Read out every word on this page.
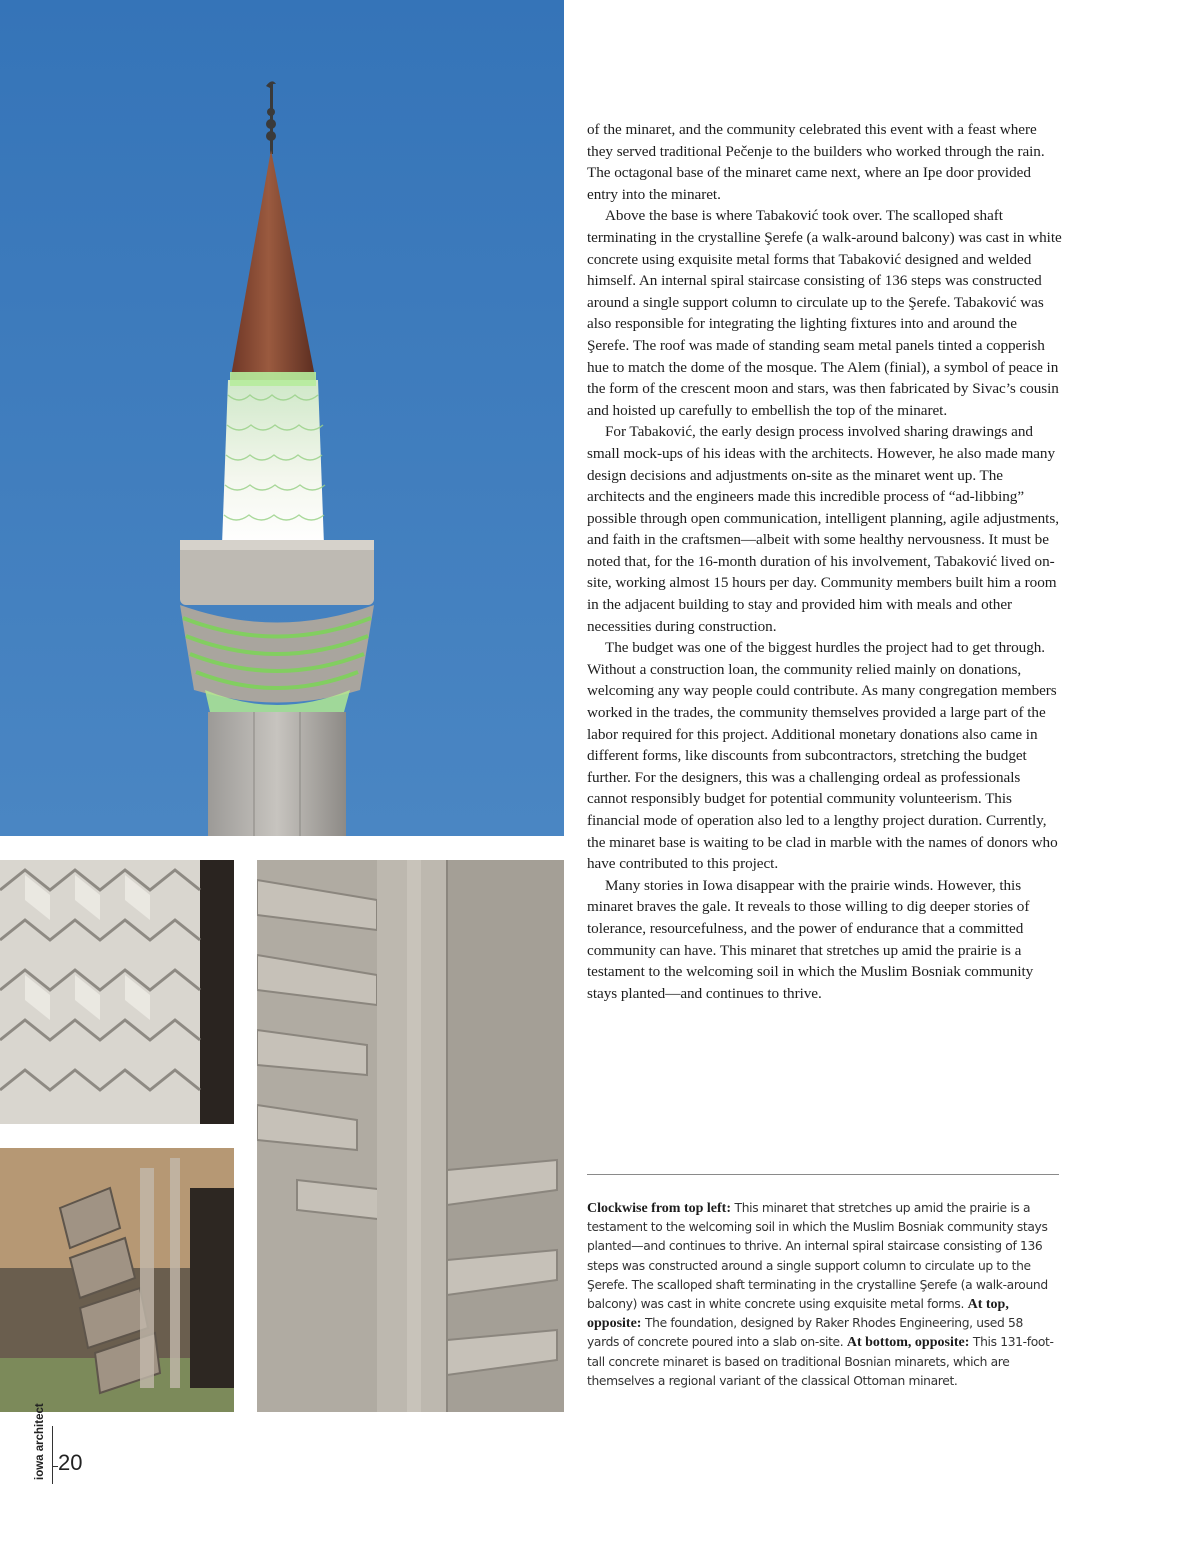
of the minaret, and the community celebrated this event with a feast where they served traditional Pečenje to the builders who worked through the rain. The octagonal base of the minaret came next, where an Ipe door provided entry into the minaret.

Above the base is where Tabaković took over. The scalloped shaft terminating in the crystalline Şerefe (a walk-around balcony) was cast in white concrete using exquisite metal forms that Tabaković designed and welded himself. An internal spiral staircase consisting of 136 steps was constructed around a single support column to circulate up to the Şerefe. Tabaković was also responsible for integrating the lighting fixtures into and around the Şerefe. The roof was made of standing seam metal panels tinted a copperish hue to match the dome of the mosque. The Alem (finial), a symbol of peace in the form of the crescent moon and stars, was then fabricated by Sivac’s cousin and hoisted up carefully to embellish the top of the minaret.

For Tabaković, the early design process involved sharing drawings and small mock-ups of his ideas with the architects. However, he also made many design decisions and adjustments on-site as the minaret went up. The architects and the engineers made this incredible process of “ad-libbing” possible through open communication, intelligent planning, agile adjustments, and faith in the craftsmen—albeit with some healthy nervousness. It must be noted that, for the 16-month duration of his involvement, Tabaković lived on-site, working almost 15 hours per day. Community members built him a room in the adjacent building to stay and provided him with meals and other necessities during construction.

The budget was one of the biggest hurdles the project had to get through. Without a construction loan, the community relied mainly on donations, welcoming any way people could contribute. As many congregation members worked in the trades, the community themselves provided a large part of the labor required for this project. Additional monetary donations also came in different forms, like discounts from subcontractors, stretching the budget further. For the designers, this was a challenging ordeal as professionals cannot responsibly budget for potential community volunteerism. This financial mode of operation also led to a lengthy project duration. Currently, the minaret base is waiting to be clad in marble with the names of donors who have contributed to this project.

Many stories in Iowa disappear with the prairie winds. However, this minaret braves the gale. It reveals to those willing to dig deeper stories of tolerance, resourcefulness, and the power of endurance that a committed community can have. This minaret that stretches up amid the prairie is a testament to the welcoming soil in which the Muslim Bosniak community stays planted—and continues to thrive.

Clockwise from top left: This minaret that stretches up amid the prairie is a testament to the welcoming soil in which the Muslim Bosniak community stays planted—and continues to thrive. An internal spiral staircase consisting of 136 steps was constructed around a single support column to circulate up to the Şerefe. The scalloped shaft terminating in the crystalline Şerefe (a walk-around balcony) was cast in white concrete using exquisite metal forms. At top, opposite: The foundation, designed by Raker Rhodes Engineering, used 58 yards of concrete poured into a slab on-site. At bottom, opposite: This 131-foot-tall concrete minaret is based on traditional Bosnian minarets, which are themselves a regional variant of the classical Ottoman minaret.
iowa architect 20
